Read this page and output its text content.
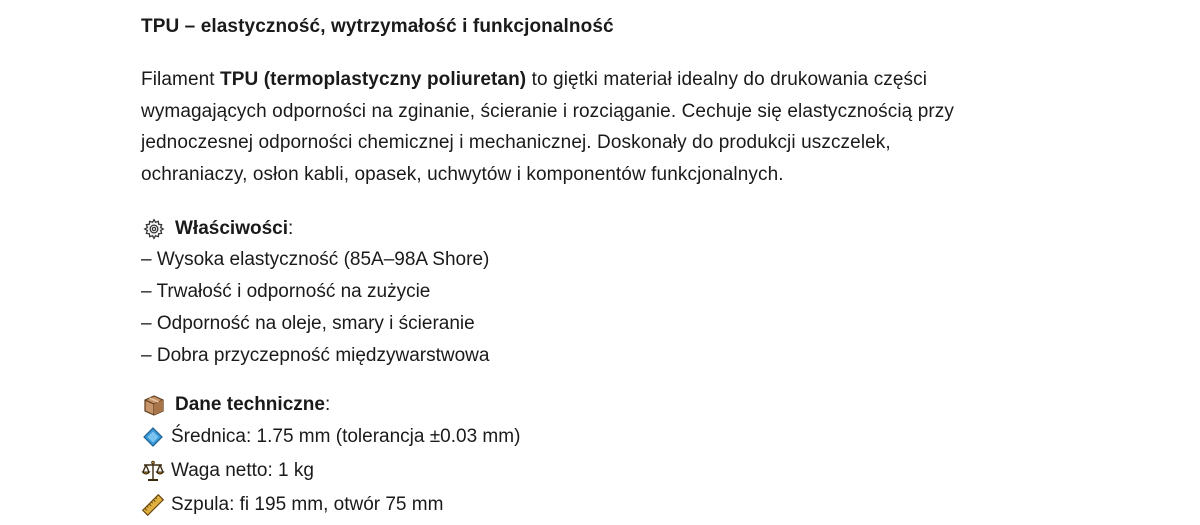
TPU – elastyczność, wytrzymałość i funkcjonalność
Filament TPU (termoplastyczny poliuretan) to giętki materiał idealny do drukowania części
wymagających odporności na zginanie, ścieranie i rozciąganie. Cechuje się elastycznością przy
jednoczesnej odporności chemicznej i mechanicznej. Doskonały do produkcji uszczelek,
ochraniaczy, osłon kabli, opasek, uchwytów i komponentów funkcjonalnych.
Właściwości :
– Wysoka elastyczność (85A–98A Shore)
– Trwałość i odporność na zużycie
– Odporność na oleje, smary i ścieranie
– Dobra przyczepność międzywarstwowa
Dane techniczne :
Średnica: 1.75 mm (tolerancja ±0.03 mm)
Waga netto: 1 kg
Szpula: fi 195 mm, otwór 75 mm
